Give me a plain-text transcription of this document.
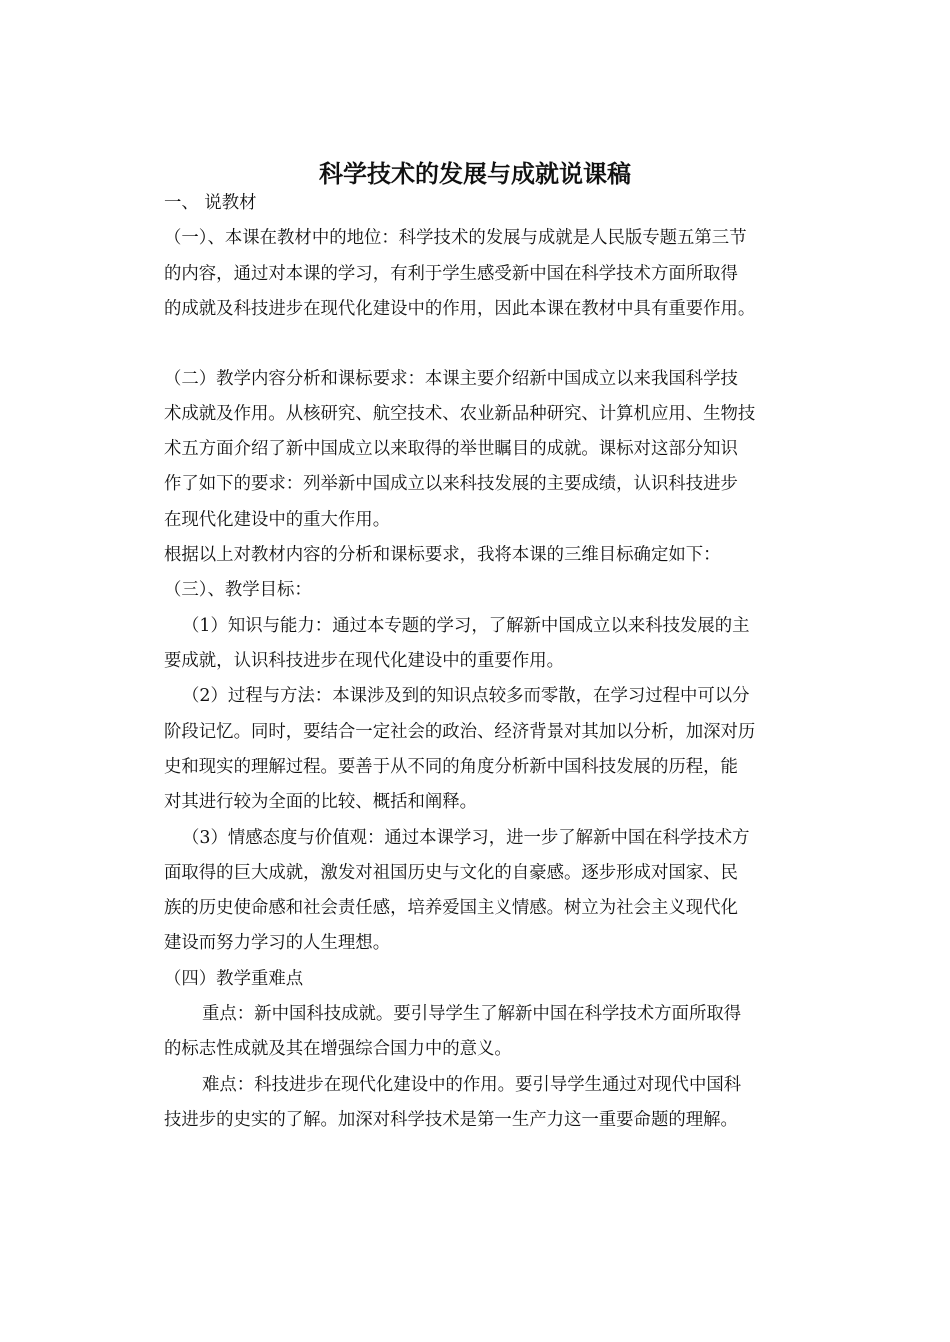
科学技术的发展与成就说课稿
一、 说教材
（一）、本课在教材中的地位：科学技术的发展与成就是人民版专题五第三节
的内容，通过对本课的学习，有利于学生感受新中国在科学技术方面所取得
的成就及科技进步在现代化建设中的作用，因此本课在教材中具有重要作用。
（二）教学内容分析和课标要求：本课主要介绍新中国成立以来我国科学技
术成就及作用。从核研究、航空技术、农业新品种研究、计算机应用、生物技
术五方面介绍了新中国成立以来取得的举世瞩目的成就。课标对这部分知识
作了如下的要求：列举新中国成立以来科技发展的主要成绩，认识科技进步
在现代化建设中的重大作用。
根据以上对教材内容的分析和课标要求，我将本课的三维目标确定如下：
（三）、教学目标：
（1）知识与能力：通过本专题的学习，了解新中国成立以来科技发展的主
要成就，认识科技进步在现代化建设中的重要作用。
（2）过程与方法：本课涉及到的知识点较多而零散，在学习过程中可以分
阶段记忆。同时，要结合一定社会的政治、经济背景对其加以分析，加深对历
史和现实的理解过程。要善于从不同的角度分析新中国科技发展的历程，能
对其进行较为全面的比较、概括和阐释。
（3）情感态度与价值观：通过本课学习，进一步了解新中国在科学技术方
面取得的巨大成就，激发对祖国历史与文化的自豪感。逐步形成对国家、民
族的历史使命感和社会责任感，培养爱国主义情感。树立为社会主义现代化
建设而努力学习的人生理想。
（四）教学重难点
重点：新中国科技成就。要引导学生了解新中国在科学技术方面所取得
的标志性成就及其在增强综合国力中的意义。
难点：科技进步在现代化建设中的作用。要引导学生通过对现代中国科
技进步的史实的了解。加深对科学技术是第一生产力这一重要命题的理解。
